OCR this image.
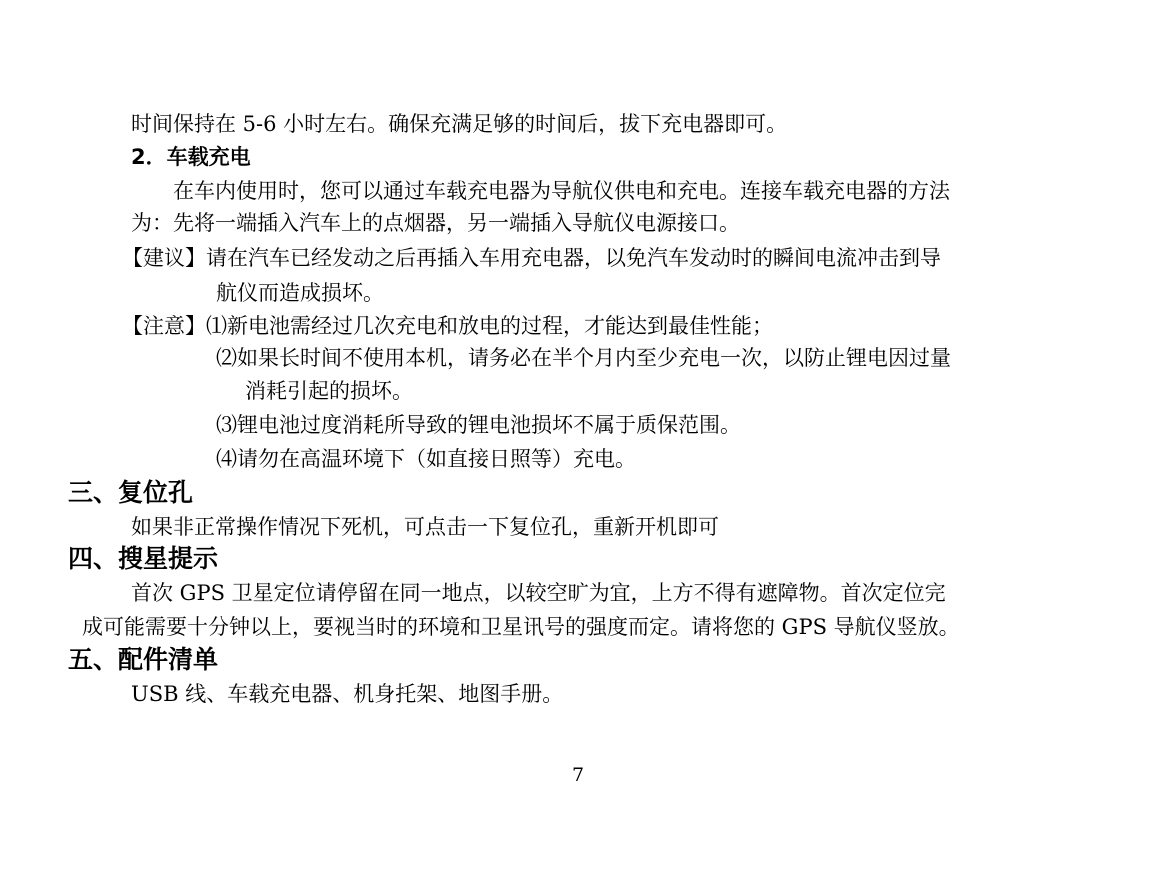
时间保持在 5-6 小时左右。确保充满足够的时间后，拔下充电器即可。
2．车载充电
在车内使用时，您可以通过车载充电器为导航仪供电和充电。连接车载充电器的方法
为：先将一端插入汽车上的点烟器，另一端插入导航仪电源接口。
【建议】请在汽车已经发动之后再插入车用充电器，以免汽车发动时的瞬间电流冲击到导
航仪而造成损坏。
【注意】⑴新电池需经过几次充电和放电的过程，才能达到最佳性能；
⑵如果长时间不使用本机，请务必在半个月内至少充电一次，以防止锂电因过量
消耗引起的损坏。
⑶锂电池过度消耗所导致的锂电池损坏不属于质保范围。
⑷请勿在高温环境下（如直接日照等）充电。
三、复位孔
如果非正常操作情况下死机，可点击一下复位孔，重新开机即可
四、搜星提示
首次 GPS 卫星定位请停留在同一地点，以较空旷为宜，上方不得有遮障物。首次定位完
成可能需要十分钟以上，要视当时的环境和卫星讯号的强度而定。请将您的 GPS 导航仪竖放。
五、配件清单
USB 线、车载充电器、机身托架、地图手册。
7
